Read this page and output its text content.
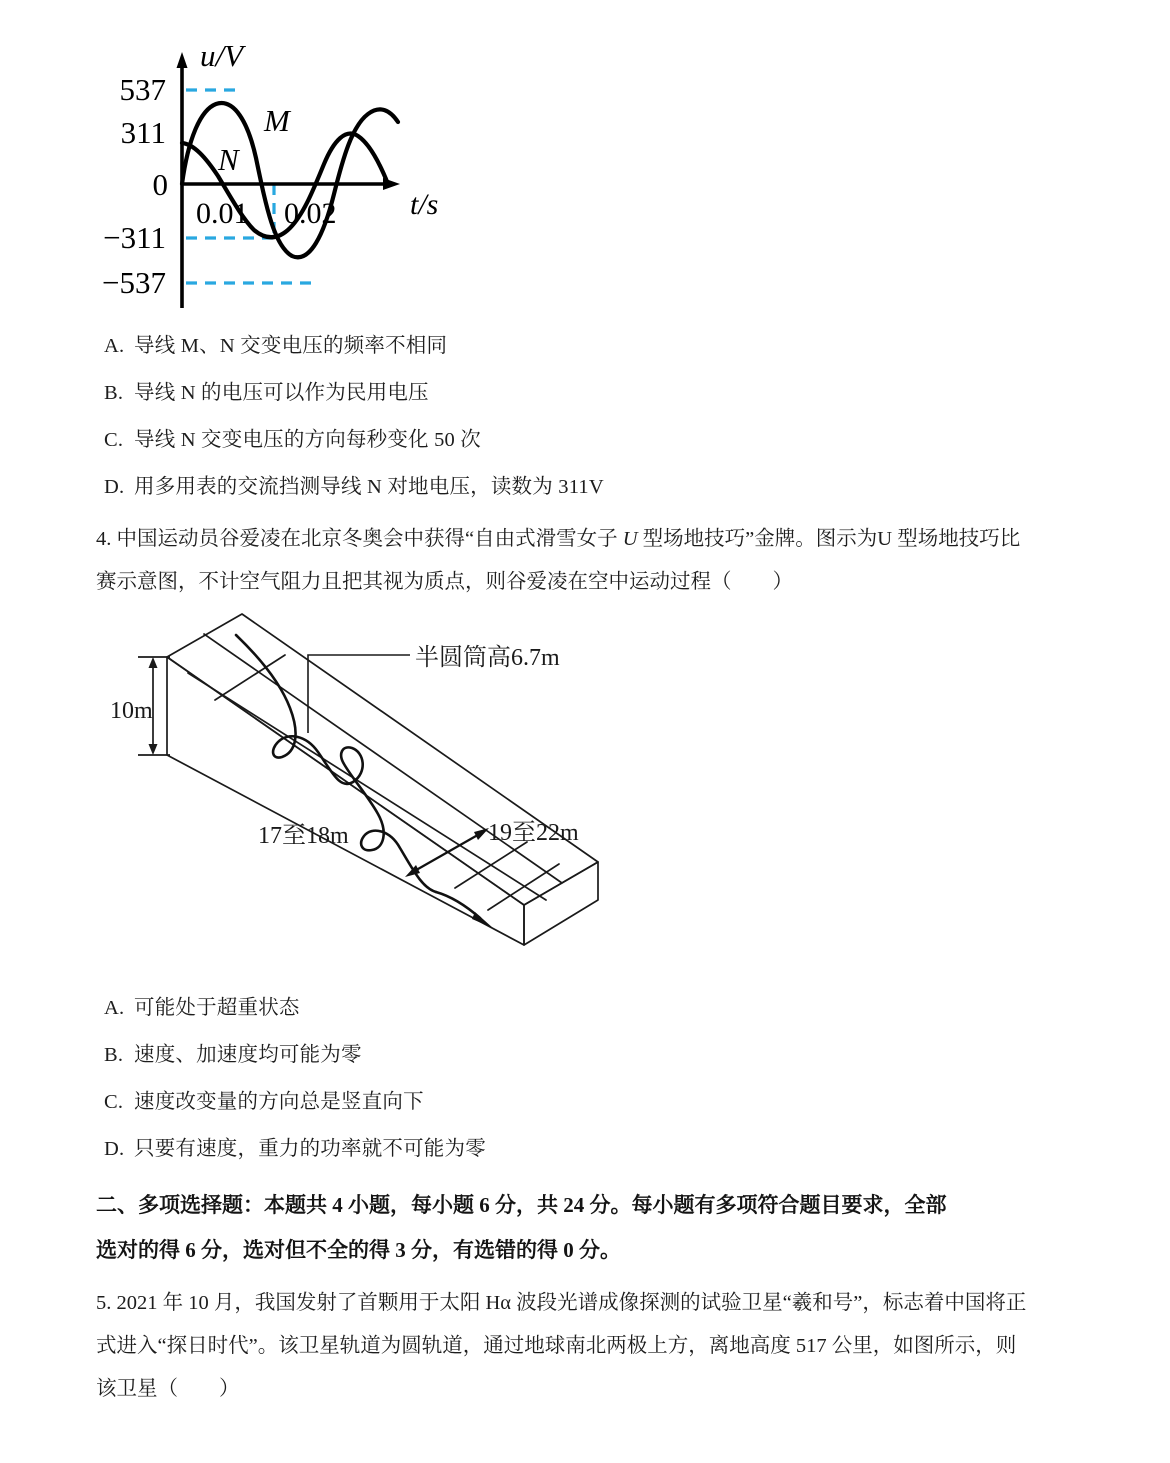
u/V
t/s
537
311
−311
−537
0
0.01 0.02
M
N
A. 导线 M、N 交变电压的频率不相同
B. 导线 N 的电压可以作为民用电压
C. 导线 N 交变电压的方向每秒变化 50 次
D. 用多用表的交流挡测导线 N 对地电压，读数为 311V
4. 中国运动员谷爱凌在北京冬奥会中获得“自由式滑雪女子 U 型场地技巧”金牌。图示为U 型场地技巧比
赛示意图，不计空气阻力且把其视为质点，则谷爱凌在空中运动过程（　　）
10m
半圆筒高6.7m
17至18m	19至22m
A. 可能处于超重状态
B. 速度、加速度均可能为零
C. 速度改变量的方向总是竖直向下
D. 只要有速度，重力的功率就不可能为零
二、多项选择题：本题共 4 小题，每小题 6 分，共 24 分。每小题有多项符合题目要求，全部
选对的得 6 分，选对但不全的得 3 分，有选错的得 0 分。
5. 2021 年 10 月，我国发射了首颗用于太阳 Hα 波段光谱成像探测的试验卫星“羲和号”，标志着中国将正
式进入“探日时代”。该卫星轨道为圆轨道，通过地球南北两极上方，离地高度 517 公里，如图所示，则
该卫星（　　）
